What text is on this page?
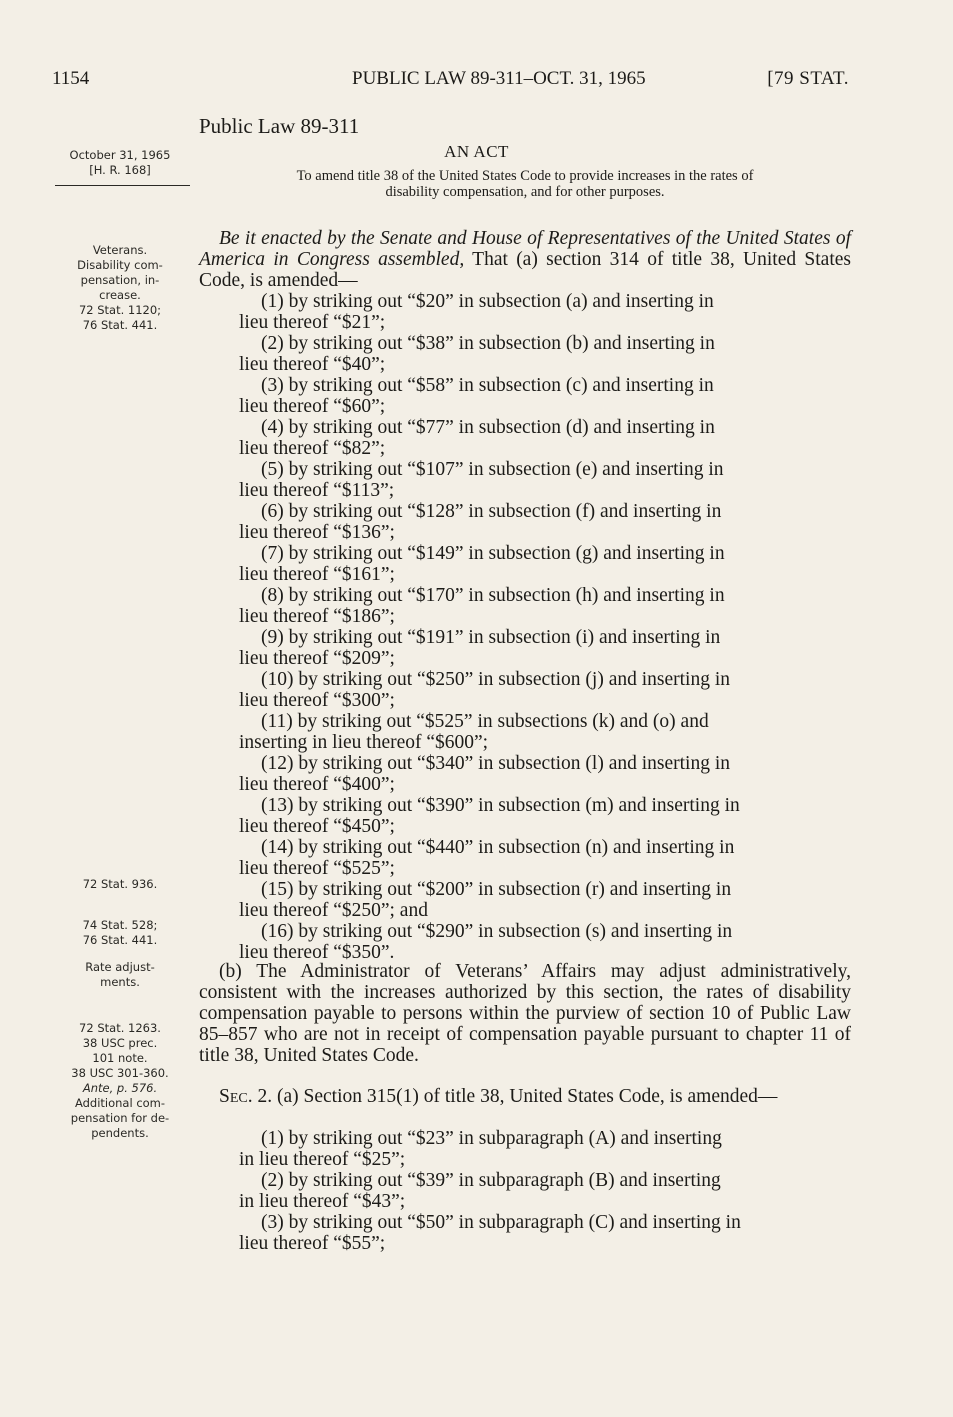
1154	PUBLIC LAW 89-311–OCT. 31, 1965	[79 STAT.
Public Law 89-311
October 31, 1965
[H. R. 168]
AN ACT
To amend title 38 of the United States Code to provide increases in the rates of
disability compensation, and for other purposes.

Be it enacted by the Senate and House of Representatives of the United States of America in Congress assembled, That (a) section 314 of title 38, United States Code, is amended—

Veterans.
Disability com-
pensation, in-
crease.
72 Stat. 1120;
76 Stat. 441.
72 Stat. 936.
74 Stat. 528;
76 Stat. 441.
Rate adjust-
ments.
72 Stat. 1263.
38 USC prec.
101 note.
38 USC 301-360.
Ante, p. 576.
Additional com-
pensation for de-
pendents.
(1) by striking out “$20” in subsection (a) and inserting in
lieu thereof “$21”;
(2) by striking out “$38” in subsection (b) and inserting in
lieu thereof “$40”;
(3) by striking out “$58” in subsection (c) and inserting in
lieu thereof “$60”;
(4) by striking out “$77” in subsection (d) and inserting in
lieu thereof “$82”;
(5) by striking out “$107” in subsection (e) and inserting in
lieu thereof “$113”;
(6) by striking out “$128” in subsection (f) and inserting in
lieu thereof “$136”;
(7) by striking out “$149” in subsection (g) and inserting in
lieu thereof “$161”;
(8) by striking out “$170” in subsection (h) and inserting in
lieu thereof “$186”;
(9) by striking out “$191” in subsection (i) and inserting in
lieu thereof “$209”;
(10) by striking out “$250” in subsection (j) and inserting in
lieu thereof “$300”;
(11) by striking out “$525” in subsections (k) and (o) and
inserting in lieu thereof “$600”;
(12) by striking out “$340” in subsection (l) and inserting in
lieu thereof “$400”;
(13) by striking out “$390” in subsection (m) and inserting in
lieu thereof “$450”;
(14) by striking out “$440” in subsection (n) and inserting in
lieu thereof “$525”;
(15) by striking out “$200” in subsection (r) and inserting in
lieu thereof “$250”; and
(16) by striking out “$290” in subsection (s) and inserting in
lieu thereof “$350”.

(b) The Administrator of Veterans’ Affairs may adjust administratively, consistent with the increases authorized by this section, the rates of disability compensation payable to persons within the purview of section 10 of Public Law 85–857 who are not in receipt of compensation payable pursuant to chapter 11 of title 38, United States Code.

Sec. 2. (a) Section 315(1) of title 38, United States Code, is amended—

(1) by striking out “$23” in subparagraph (A) and inserting
in lieu thereof “$25”;
(2) by striking out “$39” in subparagraph (B) and inserting
in lieu thereof “$43”;
(3) by striking out “$50” in subparagraph (C) and inserting in
lieu thereof “$55”;
